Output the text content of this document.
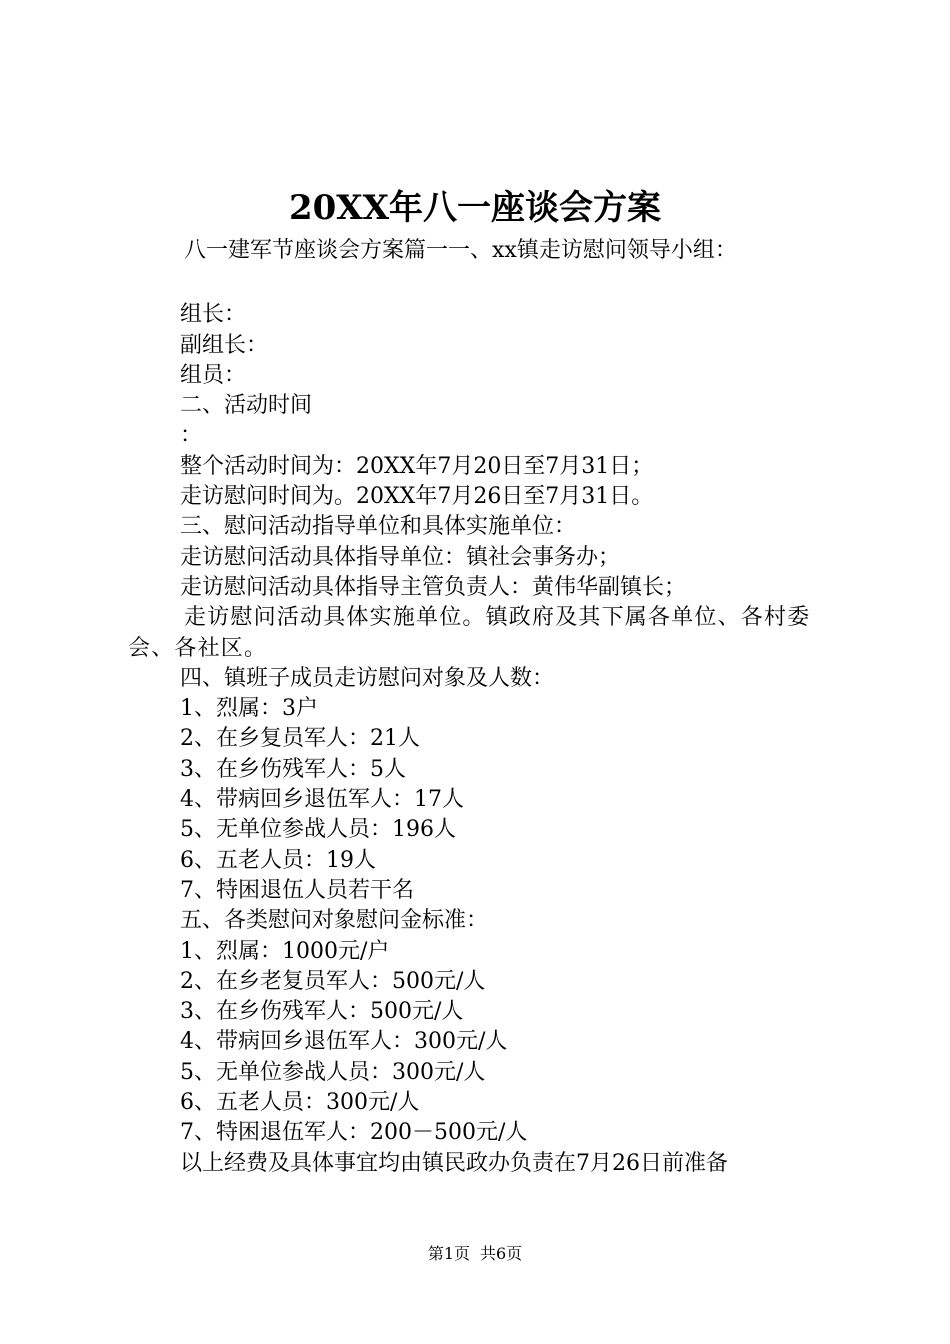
20XX年八一座谈会方案
八一建军节座谈会方案篇一一、xx镇走访慰问领导小组：
组长：
副组长：
组员：
二、活动时间
：
整个活动时间为：20XX年7月20日至7月31日；
走访慰问时间为。20XX年7月26日至7月31日。
三、慰问活动指导单位和具体实施单位：
走访慰问活动具体指导单位：镇社会事务办；
走访慰问活动具体指导主管负责人：黄伟华副镇长；
走访慰问活动具体实施单位。镇政府及其下属各单位、各村委会、各社区。
四、镇班子成员走访慰问对象及人数：
1、烈属：3户
2、在乡复员军人：21人
3、在乡伤残军人：5人
4、带病回乡退伍军人：17人
5、无单位参战人员：196人
6、五老人员：19人
7、特困退伍人员若干名
五、各类慰问对象慰问金标准：
1、烈属：1000元/户
2、在乡老复员军人：500元/人
3、在乡伤残军人：500元/人
4、带病回乡退伍军人：300元/人
5、无单位参战人员：300元/人
6、五老人员：300元/人
7、特困退伍军人：200－500元/人
以上经费及具体事宜均由镇民政办负责在7月26日前准备
第1页 共6页
